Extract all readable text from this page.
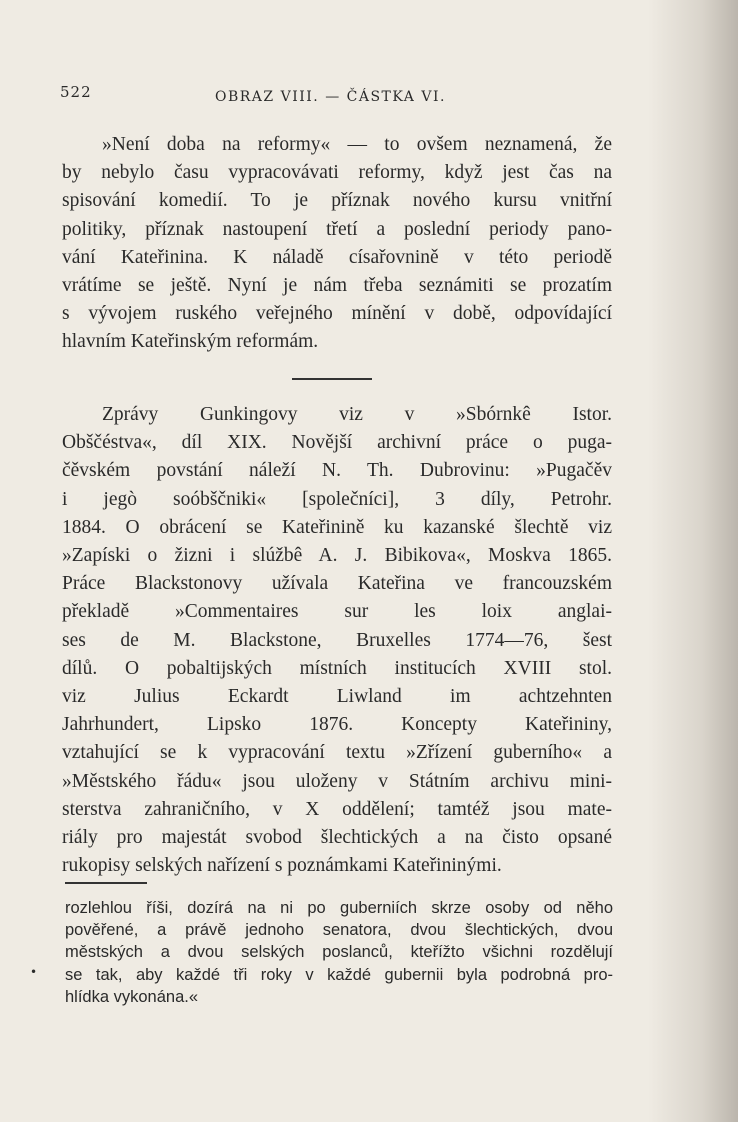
522	OBRAZ VIII. — ČÁSTKA VI.
»Není doba na reformy« — to ovšem neznamená, že
by nebylo času vypracovávati reformy, když jest čas na
spisování komedií. To je příznak nového kursu vnitřní
politiky, příznak nastoupení třetí a poslední periody pano-
vání Kateřinina. K náladě císařovnině v této periodě
vrátíme se ještě. Nyní je nám třeba seznámiti se prozatím
s vývojem ruského veřejného mínění v době, odpovídající
hlavním Kateřinským reformám.
Zprávy Gunkingovy viz v »Sbórnkê Istor.
Obščéstva«, díl XIX. Novější archivní práce o puga-
čěvském povstání náleží N. Th. Dubrovinu: »Pugačěv
i jegò soóbščniki« [společníci], 3 díly, Petrohr.
1884. O obrácení se Kateřinině ku kazanské šlechtě viz
»Zapíski o žizni i slúžbê A. J. Bibikova«, Moskva 1865.
Práce Blackstonovy užívala Kateřina ve francouzském
překladě »Commentaires sur les loix anglai-
ses de M. Blackstone, Bruxelles 1774—76, šest
dílů. O pobaltijských místních institucích XVIII stol.
viz Julius Eckardt Liwland im achtzehnten
Jahrhundert, Lipsko 1876. Koncepty Kateřininy,
vztahující se k vypracování textu »Zřízení guberního« a
»Městského řádu« jsou uloženy v Státním archivu mini-
sterstva zahraničního, v X oddělení; tamtéž jsou mate-
riály pro majestát svobod šlechtických a na čisto opsané
rukopisy selských nařízení s poznámkami Kateřininými.
rozlehlou říši, dozírá na ni po guberniích skrze osoby od něho
pověřené, a právě jednoho senatora, dvou šlechtických, dvou
městských a dvou selských poslanců, kteřížto všichni rozdělují
se tak, aby každé tři roky v každé gubernii byla podrobná pro-
hlídka vykonána.«
•
